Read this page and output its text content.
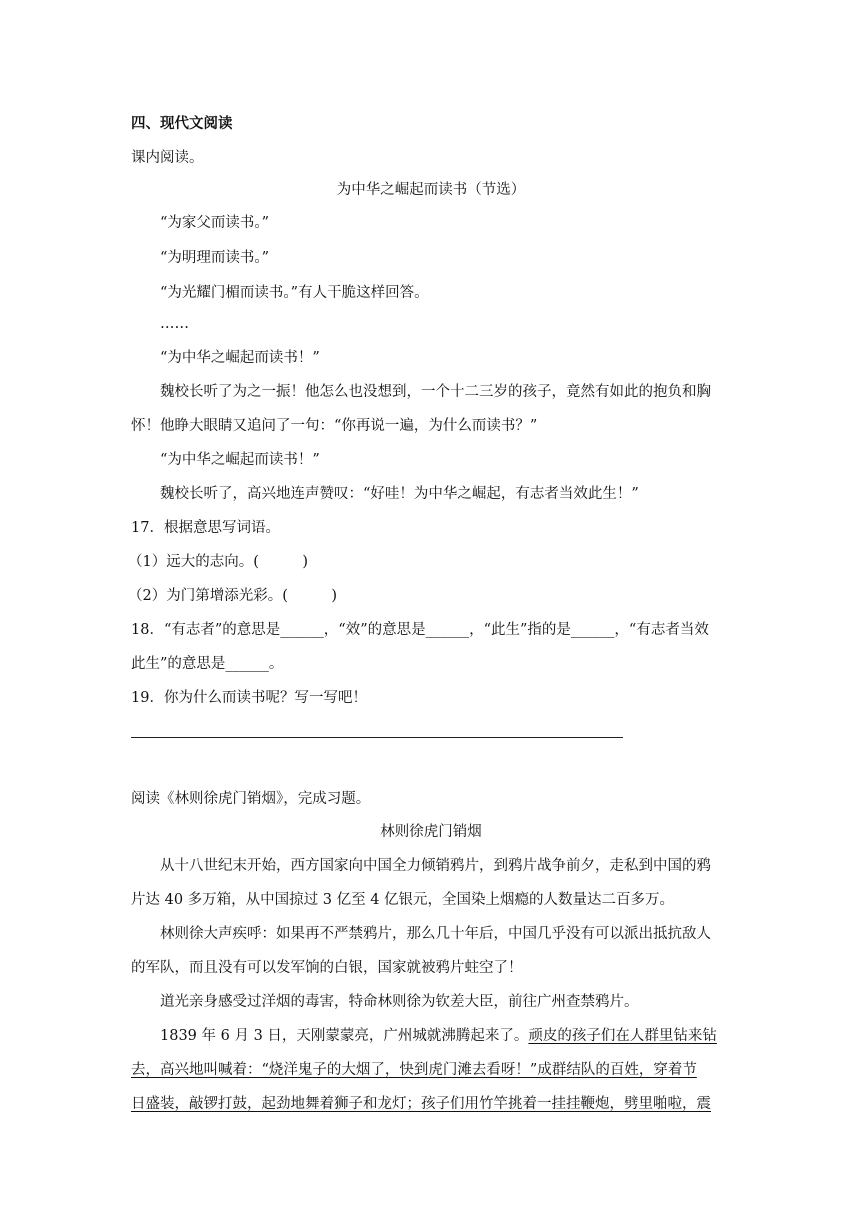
四、现代文阅读
课内阅读。
为中华之崛起而读书（节选）
“为家父而读书。”
“为明理而读书。”
“为光耀门楣而读书。”有人干脆这样回答。
……
“为中华之崛起而读书！”
魏校长听了为之一振！他怎么也没想到，一个十二三岁的孩子，竟然有如此的抱负和胸
怀！他睁大眼睛又追问了一句：“你再说一遍，为什么而读书？”
“为中华之崛起而读书！”
魏校长听了，高兴地连声赞叹：“好哇！为中华之崛起，有志者当效此生！”
17．根据意思写词语。
（1）远大的志向。(　　　)
（2）为门第增添光彩。(　　　)
18．“有志者”的意思是______，“效”的意思是______，“此生”指的是______，“有志者当效
此生”的意思是______。
19．你为什么而读书呢？写一写吧！
阅读《林则徐虎门销烟》，完成习题。
林则徐虎门销烟
从十八世纪末开始，西方国家向中国全力倾销鸦片，到鸦片战争前夕，走私到中国的鸦
片达 40 多万箱，从中国掠过 3 亿至 4 亿银元，全国染上烟瘾的人数量达二百多万。
林则徐大声疾呼：如果再不严禁鸦片，那么几十年后，中国几乎没有可以派出抵抗敌人
的军队，而且没有可以发军饷的白银，国家就被鸦片蛀空了！
道光亲身感受过洋烟的毒害，特命林则徐为钦差大臣，前往广州查禁鸦片。
1839 年 6 月 3 日，天刚蒙蒙亮，广州城就沸腾起来了。顽皮的孩子们在人群里钻来钻
去，高兴地叫喊着：“烧洋鬼子的大烟了，快到虎门滩去看呀！”成群结队的百姓，穿着节
日盛装，敲锣打鼓，起劲地舞着狮子和龙灯；孩子们用竹竿挑着一挂挂鞭炮，劈里啪啦，震
